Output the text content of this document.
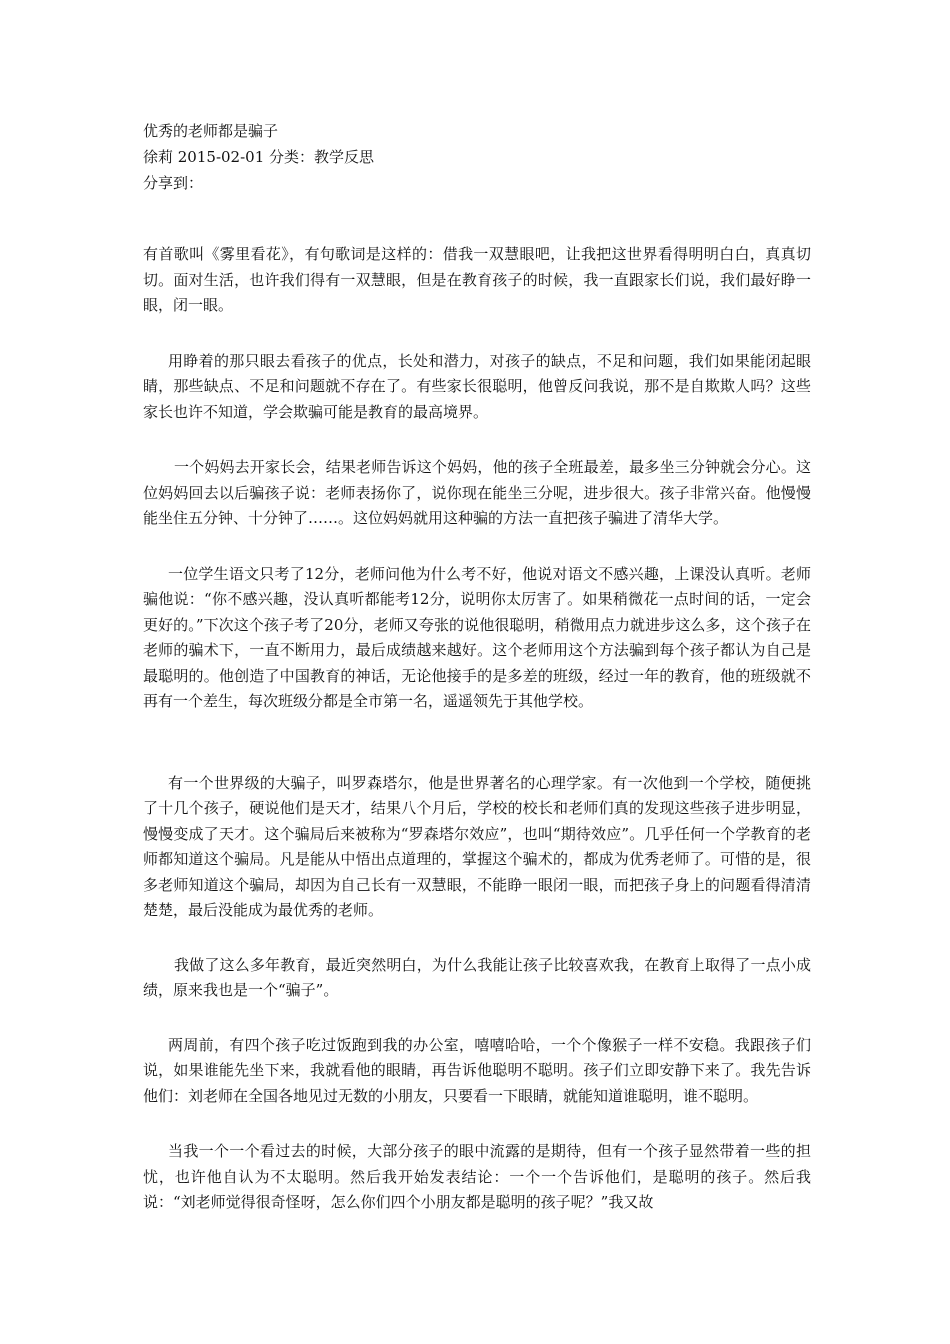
优秀的老师都是骗子

徐莉 2015-02-01 分类：教学反思

分享到：

有首歌叫《雾里看花》，有句歌词是这样的：借我一双慧眼吧，让我把这世界看得明明白白，真真切切。面对生活，也许我们得有一双慧眼，但是在教育孩子的时候，我一直跟家长们说，我们最好睁一眼，闭一眼。

用睁着的那只眼去看孩子的优点，长处和潜力，对孩子的缺点，不足和问题，我们如果能闭起眼睛，那些缺点、不足和问题就不存在了。有些家长很聪明，他曾反问我说，那不是自欺欺人吗？这些家长也许不知道，学会欺骗可能是教育的最高境界。

一个妈妈去开家长会，结果老师告诉这个妈妈，他的孩子全班最差，最多坐三分钟就会分心。这位妈妈回去以后骗孩子说：老师表扬你了，说你现在能坐三分呢，进步很大。孩子非常兴奋。他慢慢能坐住五分钟、十分钟了……。这位妈妈就用这种骗的方法一直把孩子骗进了清华大学。

一位学生语文只考了12分，老师问他为什么考不好，他说对语文不感兴趣，上课没认真听。老师骗他说：“你不感兴趣，没认真听都能考12分，说明你太厉害了。如果稍微花一点时间的话，一定会更好的。”下次这个孩子考了20分，老师又夸张的说他很聪明，稍微用点力就进步这么多，这个孩子在老师的骗术下，一直不断用力，最后成绩越来越好。这个老师用这个方法骗到每个孩子都认为自己是最聪明的。他创造了中国教育的神话，无论他接手的是多差的班级，经过一年的教育，他的班级就不再有一个差生，每次班级分都是全市第一名，遥遥领先于其他学校。

有一个世界级的大骗子，叫罗森塔尔，他是世界著名的心理学家。有一次他到一个学校，随便挑了十几个孩子，硬说他们是天才，结果八个月后，学校的校长和老师们真的发现这些孩子进步明显，慢慢变成了天才。这个骗局后来被称为“罗森塔尔效应”，也叫“期待效应”。几乎任何一个学教育的老师都知道这个骗局。凡是能从中悟出点道理的，掌握这个骗术的，都成为优秀老师了。可惜的是，很多老师知道这个骗局，却因为自己长有一双慧眼，不能睁一眼闭一眼，而把孩子身上的问题看得清清楚楚，最后没能成为最优秀的老师。

我做了这么多年教育，最近突然明白，为什么我能让孩子比较喜欢我，在教育上取得了一点小成绩，原来我也是一个“骗子”。

两周前，有四个孩子吃过饭跑到我的办公室，嘻嘻哈哈，一个个像猴子一样不安稳。我跟孩子们说，如果谁能先坐下来，我就看他的眼睛，再告诉他聪明不聪明。孩子们立即安静下来了。我先告诉他们：刘老师在全国各地见过无数的小朋友，只要看一下眼睛，就能知道谁聪明，谁不聪明。

当我一个一个看过去的时候，大部分孩子的眼中流露的是期待，但有一个孩子显然带着一些的担忧，也许他自认为不太聪明。然后我开始发表结论：一个一个告诉他们，是聪明的孩子。然后我说：“刘老师觉得很奇怪呀，怎么你们四个小朋友都是聪明的孩子呢？”我又故
